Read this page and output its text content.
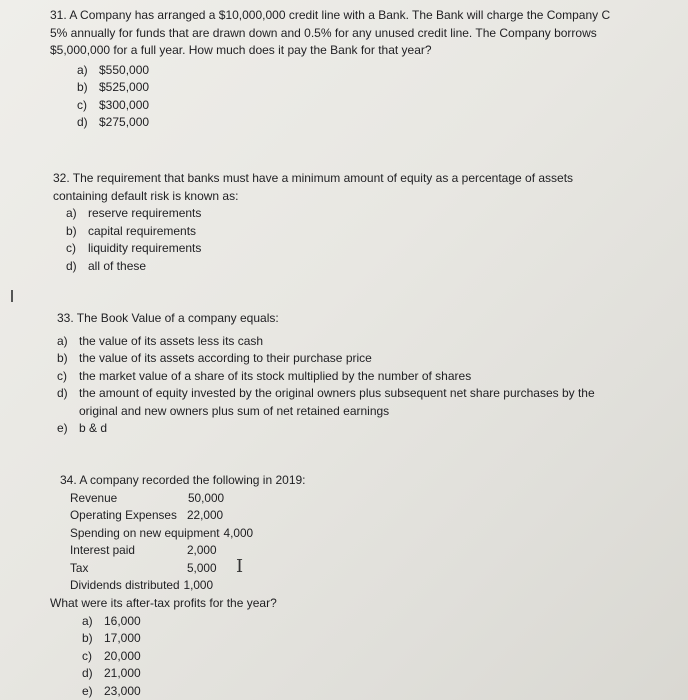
31. A Company has arranged a $10,000,000 credit line with a Bank. The Bank will charge the Company C
5% annually for funds that are drawn down and 0.5% for any unused credit line. The Company borrows
$5,000,000 for a full year. How much does it pay the Bank for that year?
a) $550,000
b) $525,000
c)	$300,000
d) $275,000
32. The requirement that banks must have a minimum amount of equity as a percentage of assets
containing default risk is known as:
a) reserve requirements
b) capital requirements
c)	liquidity requirements
d) all of these
33. The Book Value of a company equals:
a) the value of its assets less its cash
b) the value of its assets according to their purchase price
c)	the market value of a share of its stock multiplied by the number of shares
d) the amount of equity invested by the original owners plus subsequent net share purchases by the original and new owners plus sum of net retained earnings
e) b & d
34. A company recorded the following in 2019:
Revenue	50,000
Operating Expenses 22,000
Spending on new equipment 4,000
Interest paid	2,000
Tax	5,000
Dividends distributed 1,000
What were its after-tax profits for the year?
a) 16,000
b) 17,000
c)	20,000
d) 21,000
e) 23,000
I
